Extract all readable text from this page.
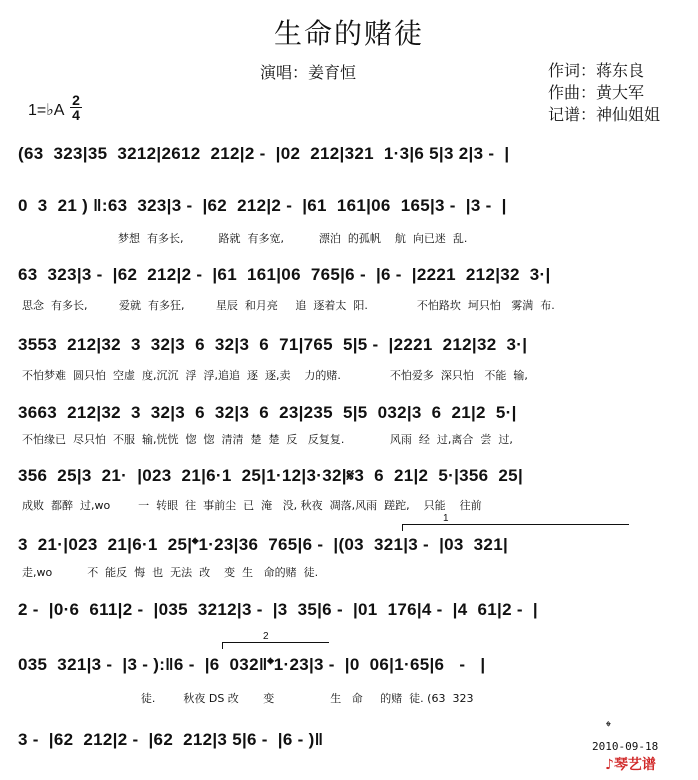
生命的赌徒
演唱：姜育恒	作词：蒋东良
作曲：黄大军
记谱：神仙姐姐
1=♭A
2
4
(63  323|35  3212|2612  212|2 -  |02  212|321  1·3|6 5|3 2|3 -  |
0  3  21 ) ‖:63  323|3 -  |62  212|2 -  |61  161|06  165|3 -  |3 -  |
梦想  有多长,          路就  有多宽,          漂泊  的孤帆    航  向已迷  乱.
63  323|3 -  |62  212|2 -  |61  161|06  765|6 -  |6 -  |2221  212|32  3·|
思念  有多长,         爱就  有多狂,         星辰  和月亮     追  逐着太  阳.              不怕路坎  坷只怕   雾满  布.
3553  212|32  3  32|3  6  32|3  6  71|765  5|5 -  |2221  212|32  3·|
不怕梦难  圆只怕  空虚  度,沉沉  浮  浮,追追  逐  逐,卖    力的赌.              不怕爱多  深只怕   不能  输,
3663  212|32  3  32|3  6  32|3  6  23|235  5|5  032|3  6  21|2  5·|
不怕缘已  尽只怕  不服  输,恍恍  惚  惚  清清  楚  楚  反   反复复.             风雨  经  过,离合  尝  过,
356  25|3  21·  |023  21|6·1  25|1·12|3·32|𝄋3  6  21|2  5·|356  25|
成败  都醉  过,wo        一  转眼  往  事前尘  已  淹   没, 秋夜  凋落,风雨  蹉跎,    只能    往前
1
3  21·|023  21|6·1  25|𝄌1·23|36  765|6 -  |(03  321|3 -  |03  321|
走,wo          不  能反  悔  也  无法  改    变  生   命的赌  徒.
2 -  |0·6  611|2 -  |035  3212|3 -  |3  35|6 -  |01  176|4 -  |4  61|2 -  |
2
035  321|3 -  |3 - ):‖6 -  |6  032‖𝄌1·23|3 -  |0  06|1·65|6   -   |
徒.        秋夜 DS 改       变                生   命     的赌  徒. (63  323
3 -  |62  212|2 -  |62  212|3 5|6 -  |6 - )‖
𝄌
2010-09-18
♪琴艺谱
